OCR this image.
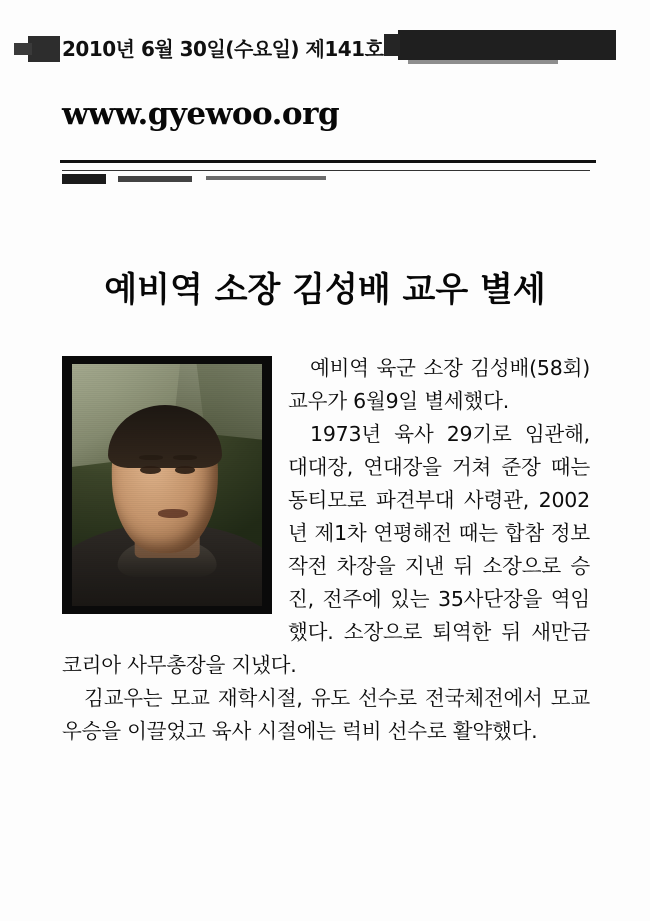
2010년 6월 30일(수요일) 제141호
www.gyewoo.org
예비역 소장 김성배 교우 별세

예비역 육군 소장 김성배(58회) 교우가 6월9일 별세했다.

1973년 육사 29기로 임관해, 대대장, 연대장을 거쳐 준장 때는 동티모로 파견부대 사령관, 2002년 제1차 연평해전 때는 합참 정보작전 차장을 지낸 뒤 소장으로 승진, 전주에 있는 35사단장을 역임했다. 소장으로 퇴역한 뒤 새만금 코리아 사무총장을 지냈다.

김교우는 모교 재학시절, 유도 선수로 전국체전에서 모교 우승을 이끌었고 육사 시절에는 럭비 선수로 활약했다.
